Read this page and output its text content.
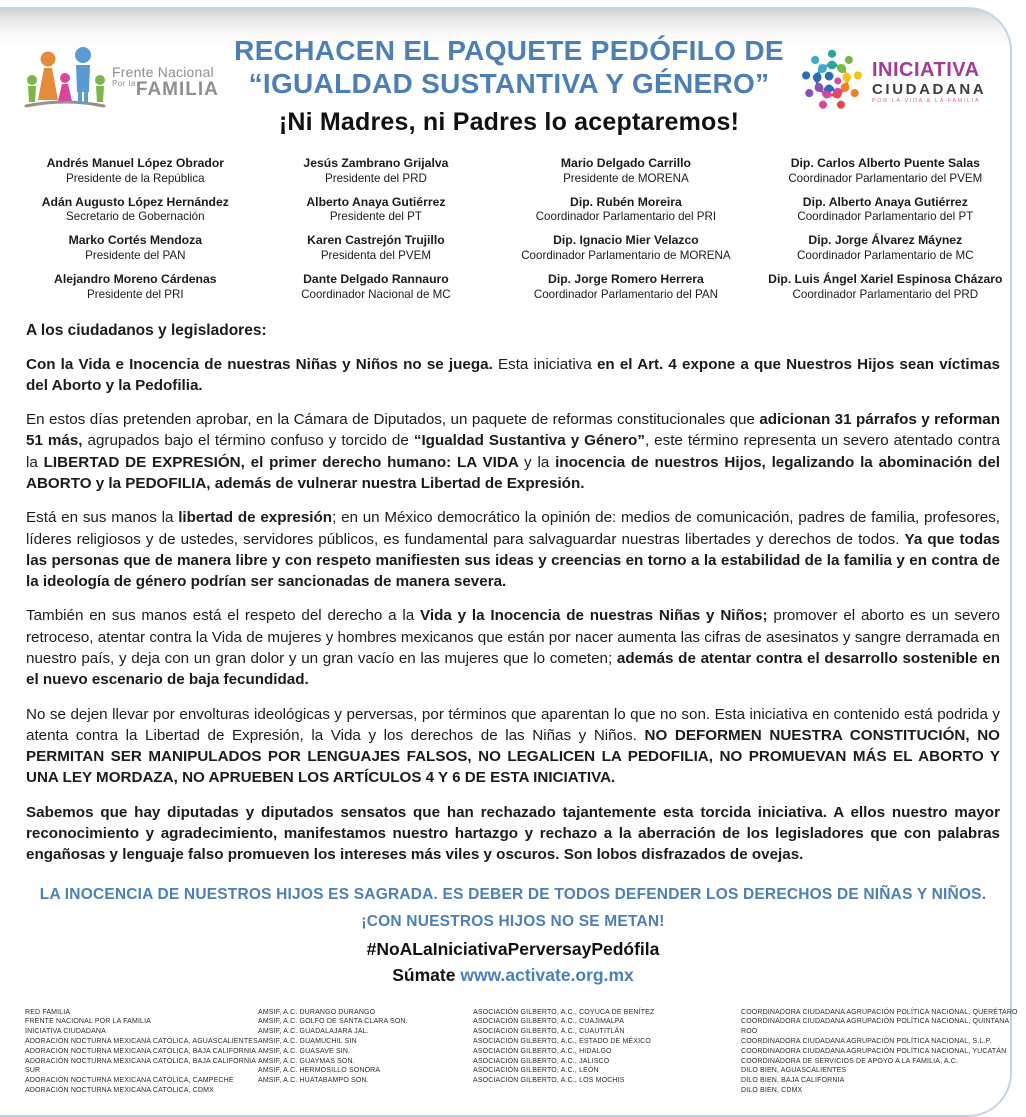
Frente Nacional
$^{Por la}$FAMILIA
RECHACEN EL PAQUETE PEDÓFILO DE
“IGUALDAD SUSTANTIVA Y GÉNERO”
¡Ni Madres, ni Padres lo aceptaremos!
INICIATIVA
CIUDADANA
POR LA VIDA & LA FAMILIA
Andrés Manuel López Obrador
Presidente de la República
Adán Augusto López Hernández
Secretario de Gobernación
Marko Cortés Mendoza
Presidente del PAN
Alejandro Moreno Cárdenas
Presidente del PRI
Jesús Zambrano Grijalva
Presidente del PRD
Alberto Anaya Gutiérrez
Presidente del PT
Karen Castrejón Trujillo
Presidenta del PVEM
Dante Delgado Rannauro
Coordinador Nacional de MC
Mario Delgado Carrillo
Presidente de MORENA
Dip. Rubén Moreira
Coordinador Parlamentario del PRI
Dip. Ignacio Mier Velazco
Coordinador Parlamentario de MORENA
Dip. Jorge Romero Herrera
Coordinador Parlamentario del PAN
Dip. Carlos Alberto Puente Salas
Coordinador Parlamentario del PVEM
Dip. Alberto Anaya Gutiérrez
Coordinador Parlamentario del PT
Dip. Jorge Álvarez Máynez
Coordinador Parlamentario de MC
Dip. Luis Ángel Xariel Espinosa Cházaro
Coordinador Parlamentario del PRD
A los ciudadanos y legisladores:

Con la Vida e Inocencia de nuestras Niñas y Niños no se juega. Esta iniciativa en el Art. 4 expone a que Nuestros Hijos sean víctimas del Aborto y la Pedofilia.

En estos días pretenden aprobar, en la Cámara de Diputados, un paquete de reformas constitucionales que adicionan 31 párrafos y reforman 51 más, agrupados bajo el término confuso y torcido de “Igualdad Sustantiva y Género”, este término representa un severo atentado contra la LIBERTAD DE EXPRESIÓN, el primer derecho humano: LA VIDA y la inocencia de nuestros Hijos, legalizando la abominación del ABORTO y la PEDOFILIA, además de vulnerar nuestra Libertad de Expresión.

Está en sus manos la libertad de expresión; en un México democrático la opinión de: medios de comunicación, padres de familia, profesores, líderes religiosos y de ustedes, servidores públicos, es fundamental para salvaguardar nuestras libertades y derechos de todos. Ya que todas las personas que de manera libre y con respeto manifiesten sus ideas y creencias en torno a la estabilidad de la familia y en contra de la ideología de género podrían ser sancionadas de manera severa.

También en sus manos está el respeto del derecho a la Vida y la Inocencia de nuestras Niñas y Niños; promover el aborto es un severo retroceso, atentar contra la Vida de mujeres y hombres mexicanos que están por nacer aumenta las cifras de asesinatos y sangre derramada en nuestro país, y deja con un gran dolor y un gran vacío en las mujeres que lo cometen; además de atentar contra el desarrollo sostenible en el nuevo escenario de baja fecundidad.

No se dejen llevar por envolturas ideológicas y perversas, por términos que aparentan lo que no son. Esta iniciativa en contenido está podrida y atenta contra la Libertad de Expresión, la Vida y los derechos de las Niñas y Niños. NO DEFORMEN NUESTRA CONSTITUCIÓN, NO PERMITAN SER MANIPULADOS POR LENGUAJES FALSOS, NO LEGALICEN LA PEDOFILIA, NO PROMUEVAN MÁS EL ABORTO Y UNA LEY MORDAZA, NO APRUEBEN LOS ARTÍCULOS 4 Y 6 DE ESTA INICIATIVA.

Sabemos que hay diputadas y diputados sensatos que han rechazado tajantemente esta torcida iniciativa. A ellos nuestro mayor reconocimiento y agradecimiento, manifestamos nuestro hartazgo y rechazo a la aberración de los legisladores que con palabras engañosas y lenguaje falso promueven los intereses más viles y oscuros. Son lobos disfrazados de ovejas.

LA INOCENCIA DE NUESTROS HIJOS ES SAGRADA. ES DEBER DE TODOS DEFENDER LOS DERECHOS DE NIÑAS Y NIÑOS.
¡CON NUESTROS HIJOS NO SE METAN!
#NoALaIniciativaPerversayPedófila
Súmate www.activate.org.mx
RED FAMILIA
FRENTE NACIONAL POR LA FAMILIA
INICIATIVA CIUDADANA
ADORACIÓN NOCTURNA MEXICANA CATÓLICA, AGUASCALIENTES
ADORACIÓN NOCTURNA MEXICANA CATÓLICA, BAJA CALIFORNIA
ADORACIÓN NOCTURNA MEXICANA CATÓLICA, BAJA CALIFORNIA SUR
ADORACIÓN NOCTURNA MEXICANA CATÓLICA, CAMPECHE
ADORACIÓN NOCTURNA MEXICANA CATÓLICA, CDMX
AMSIF, A.C. DURANGO DURANGO
AMSIF, A.C. GOLFO DE SANTA CLARA SON.
AMSIF, A.C. GUADALAJARA JAL.
AMSIF, A.C. GUAMUCHIL SIN
AMSIF, A.C. GUASAVE SIN.
AMSIF, A.C. GUAYMAS SON.
AMSIF, A.C. HERMOSILLO SONORA
AMSIF, A.C. HUATABAMPO SON.
ASOCIACIÓN GILBERTO, A.C., COYUCA DE BENÍTEZ
ASOCIACIÓN GILBERTO, A.C., CUAJIMALPA
ASOCIACIÓN GILBERTO, A.C., CUAUTITLÁN
ASOCIACIÓN GILBERTO, A.C., ESTADO DE MÉXICO
ASOCIACIÓN GILBERTO, A.C., HIDALGO
ASOCIACIÓN GILBERTO, A.C., JALISCO
ASOCIACIÓN GILBERTO, A.C., LEÓN
ASOCIACIÓN GILBERTO, A.C., LOS MOCHIS
COORDINADORA CIUDADANA AGRUPACIÓN POLÍTICA NACIONAL, QUERÉTARO
COORDINADORA CIUDADANA AGRUPACIÓN POLÍTICA NACIONAL, QUINTANA ROO
COORDINADORA CIUDADANA AGRUPACIÓN POLÍTICA NACIONAL, S.L.P.
COORDINADORA CIUDADANA AGRUPACIÓN POLÍTICA NACIONAL, YUCATÁN
COORDINADORA DE SERVICIOS DE APOYO A LA FAMILIA, A.C.
DILO BIEN, AGUASCALIENTES
DILO BIEN, BAJA CALIFORNIA
DILO BIEN, CDMX
